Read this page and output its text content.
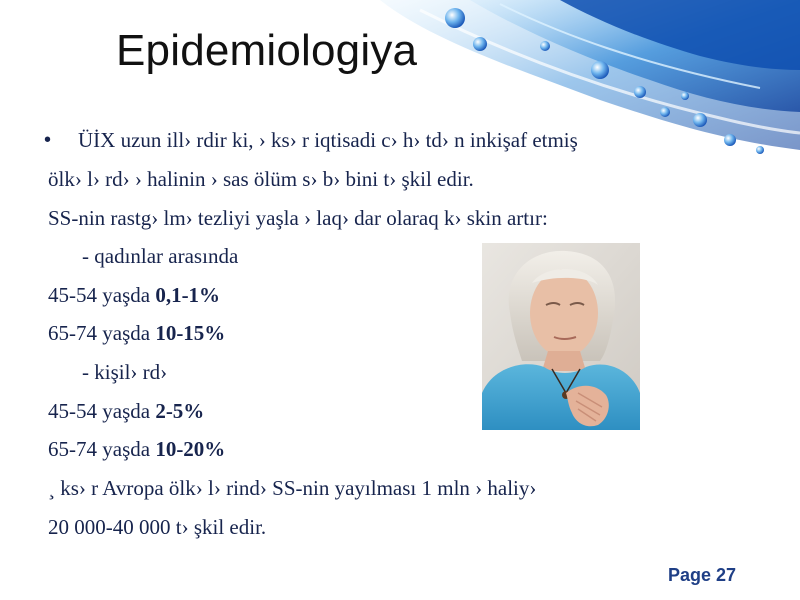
Epidemiologiya
• ÜİX uzun ill› rdir ki, › ks› r iqtisadi c› h› td› n inkişaf etmiş
ölk› l› rd› › halinin › sas ölüm s› b› bini t› şkil edir.
SS-nin rastg› lm› tezliyi yaşla › laq› dar olaraq k› skin artır:
- qadınlar arasında
45-54 yaşda 0,1-1%
65-74 yaşda 10-15%
- kişil› rd›
45-54 yaşda 2-5%
65-74 yaşda 10-20%
¸ ks› r Avropa ölk› l› rind› SS-nin yayılması 1 mln › haliy›
20 000-40 000 t› şkil edir.
Page 27
